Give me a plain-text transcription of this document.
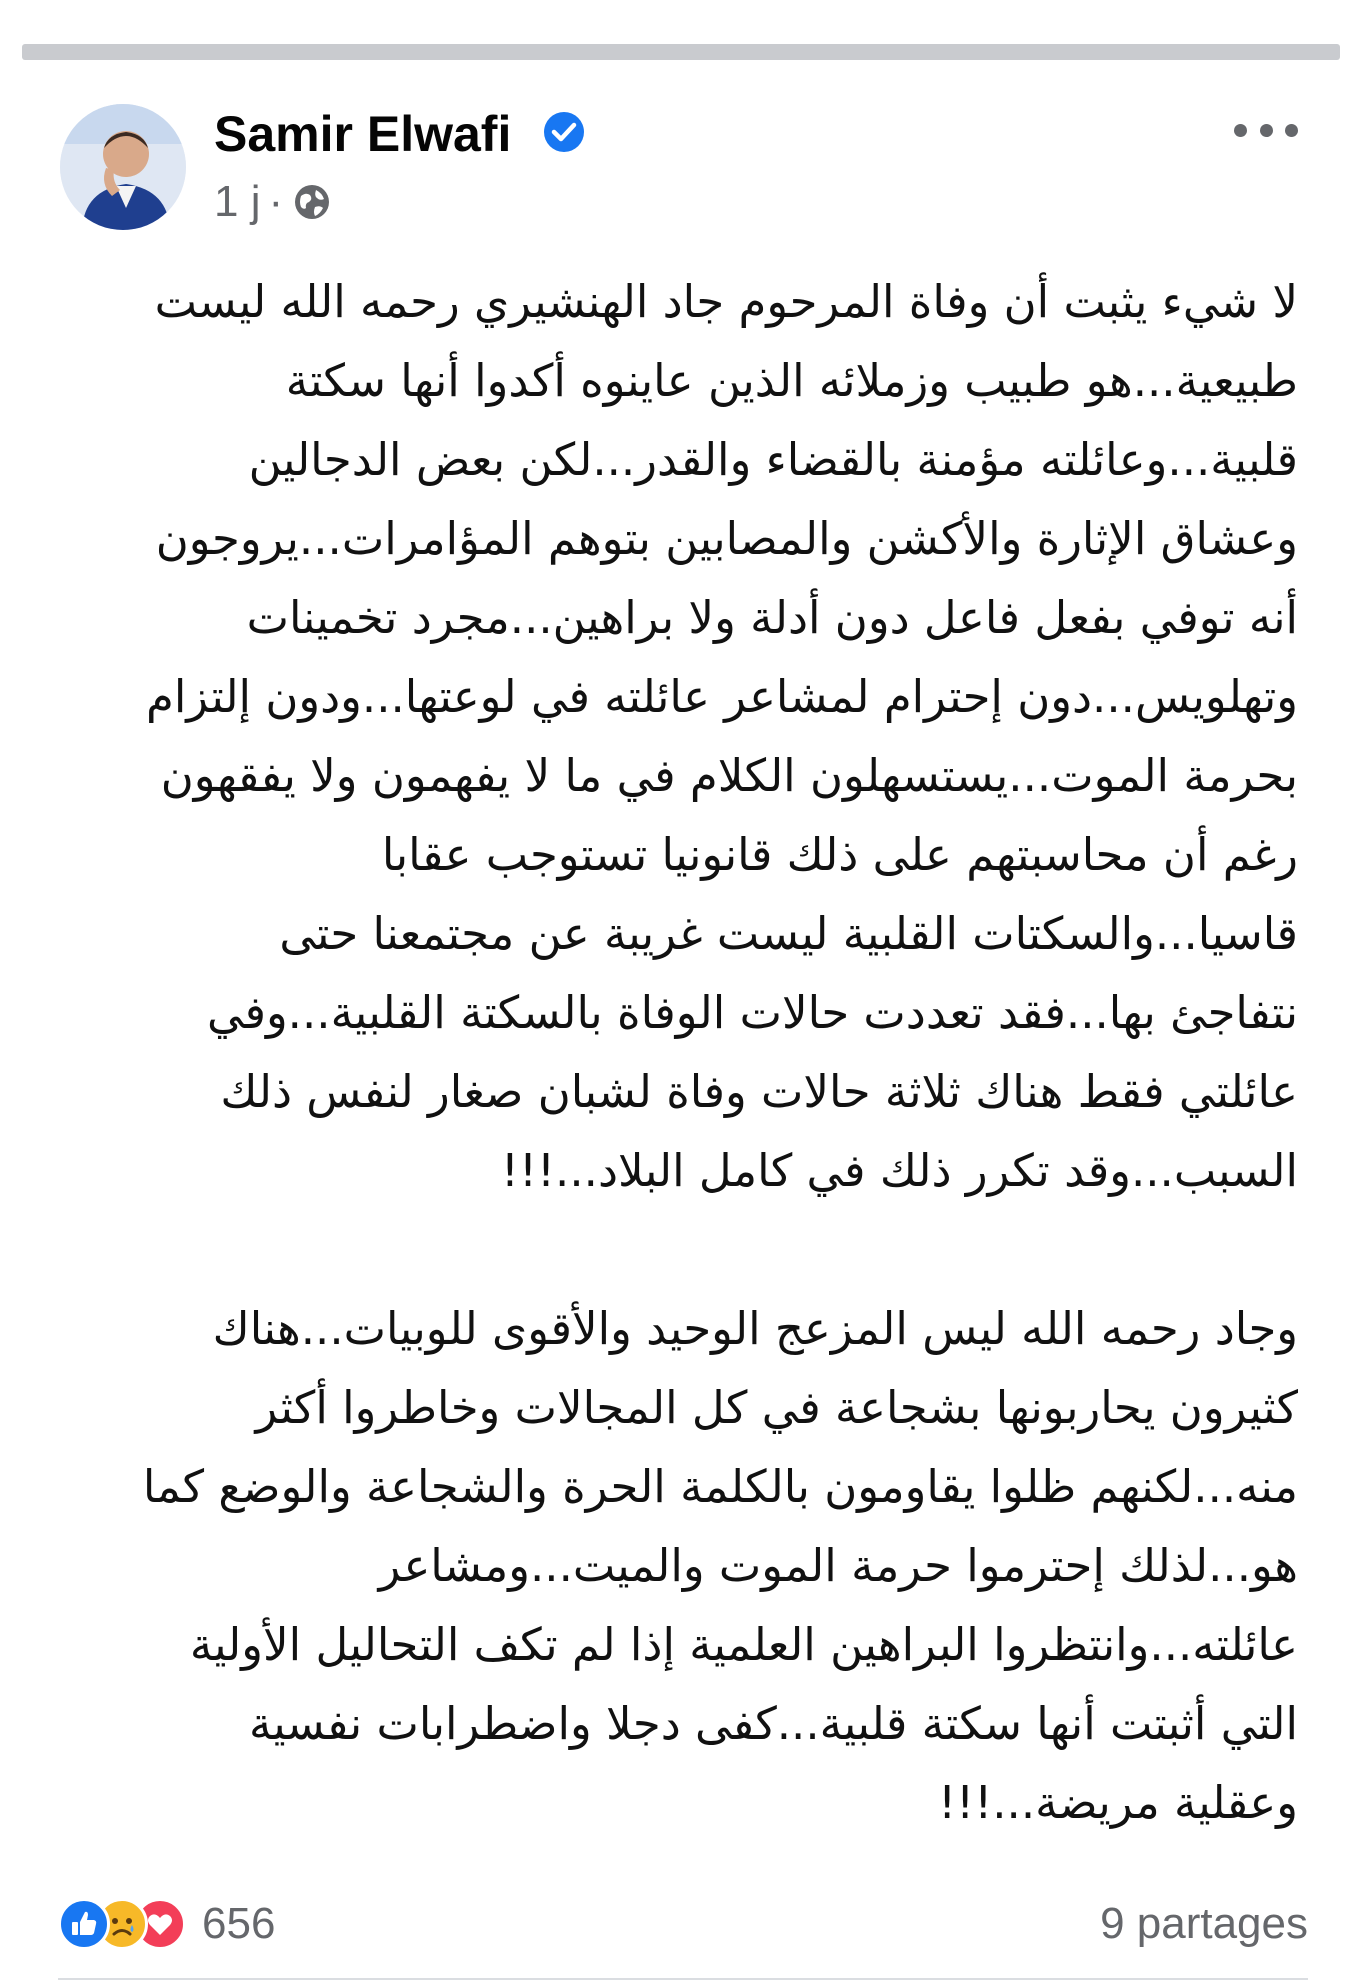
Samir Elwafi
1 j ·
لا شيء يثبت أن وفاة المرحوم جاد الهنشيري رحمه الله ليست
طبيعية...هو طبيب وزملائه الذين عاينوه أكدوا أنها سكتة
قلبية...وعائلته مؤمنة بالقضاء والقدر...لكن بعض الدجالين
وعشاق الإثارة والأكشن والمصابين بتوهم المؤامرات...يروجون
أنه توفي بفعل فاعل دون أدلة ولا براهين...مجرد تخمينات
وتهلويس...دون إحترام لمشاعر عائلته في لوعتها...ودون إلتزام
بحرمة الموت...يستسهلون الكلام في ما لا يفهمون ولا يفقهون
رغم أن محاسبتهم على ذلك قانونيا تستوجب عقابا
قاسيا...والسكتات القلبية ليست غريبة عن مجتمعنا حتى
نتفاجئ بها...فقد تعددت حالات الوفاة بالسكتة القلبية...وفي
عائلتي فقط هناك ثلاثة حالات وفاة لشبان صغار لنفس ذلك
السبب...وقد تكرر ذلك في كامل البلاد...!!!
وجاد رحمه الله ليس المزعج الوحيد والأقوى للوبيات...هناك
كثيرون يحاربونها بشجاعة في كل المجالات وخاطروا أكثر
منه...لكنهم ظلوا يقاومون بالكلمة الحرة والشجاعة والوضع كما
هو...لذلك إحترموا حرمة الموت والميت...ومشاعر
عائلته...وانتظروا البراهين العلمية إذا لم تكف التحاليل الأولية
التي أثبتت أنها سكتة قلبية...كفى دجلا واضطرابات نفسية
وعقلية مريضة...!!!
656	9 partages
